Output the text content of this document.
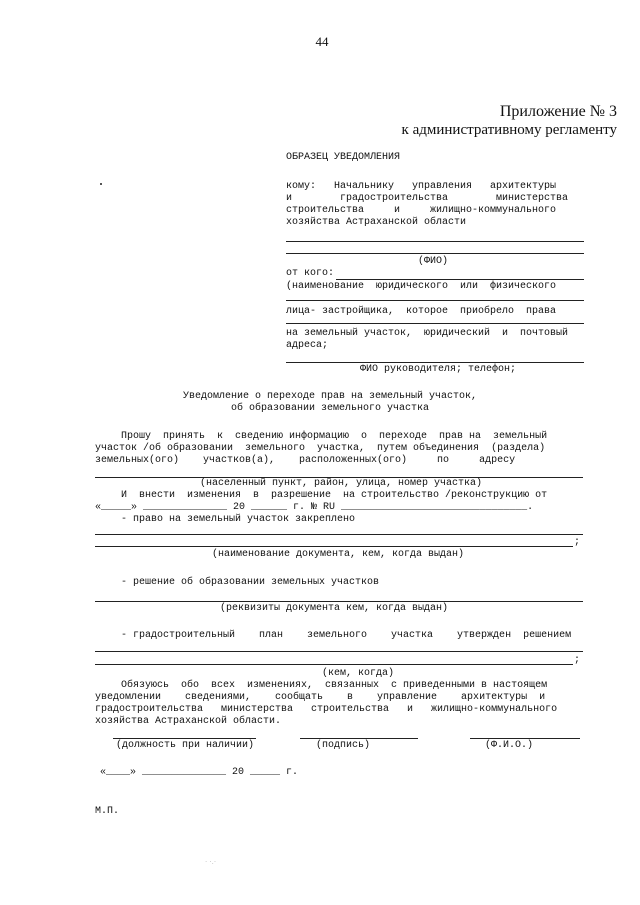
44
Приложение № 3
к административному регламенту
ОБРАЗЕЦ УВЕДОМЛЕНИЯ
кому:   Начальнику   управления   архитектуры
и        градостроительства        министерства
строительства     и     жилищно-коммунального
хозяйства Астраханской области
(ФИО)
от кого:
(наименование  юридического  или  физического
лица- застройщика,  которое  приобрело  права
на земельный участок,  юридический  и  почтовый
адреса;
ФИО руководителя; телефон;
Уведомление о переходе прав на земельный участок,
об образовании земельного участка
Прошу  принять  к  сведению информацию  о  переходе  прав на  земельный
участок /об образовании  земельного  участка,  путем объединения  (раздела)
земельных(ого)    участков(а),    расположенных(ого)     по     адресу
(населенный пункт, район, улица, номер участка)
И  внести  изменения  в  разрешение  на строительство /реконструкцию от
«_____» ______________ 20 ______ г. № RU _______________________________.
- право на земельный участок закреплено
;
(наименование документа, кем, когда выдан)
- решение об образовании земельных участков
(реквизиты документа кем, когда выдан)
- градостроительный    план    земельного    участка    утвержден  решением
;
(кем, когда)
Обязуюсь  обо  всех  изменениях,  связанных  с приведенными в настоящем
уведомлении    сведениями,    сообщать    в    управление    архитектуры  и
градостроительства   министерства   строительства   и   жилищно-коммунального
хозяйства Астраханской области.
(должность при наличии)	(подпись)	(Ф.И.О.)
«____» ______________ 20 _____ г.
М.П.
· ·.·
